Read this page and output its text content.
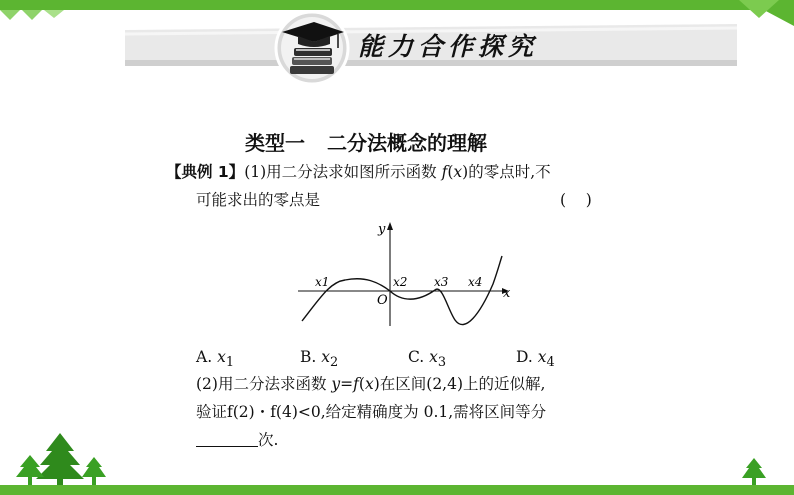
能力合作探究
类型一 二分法概念的理解
【典例 1】(1)用二分法求如图所示函数 f(x)的零点时,不
可能求出的零点是	(    )
y
x
O
x1	x2 x3 x4
A. $x_1$	B. $x_2$	C. $x_3$	D. $x_4$
(2)用二分法求函数 y=f(x)在区间(2,4)上的近似解,
验证f(2)・f(4)<0,给定精确度为 0.1,需将区间等分
次.
